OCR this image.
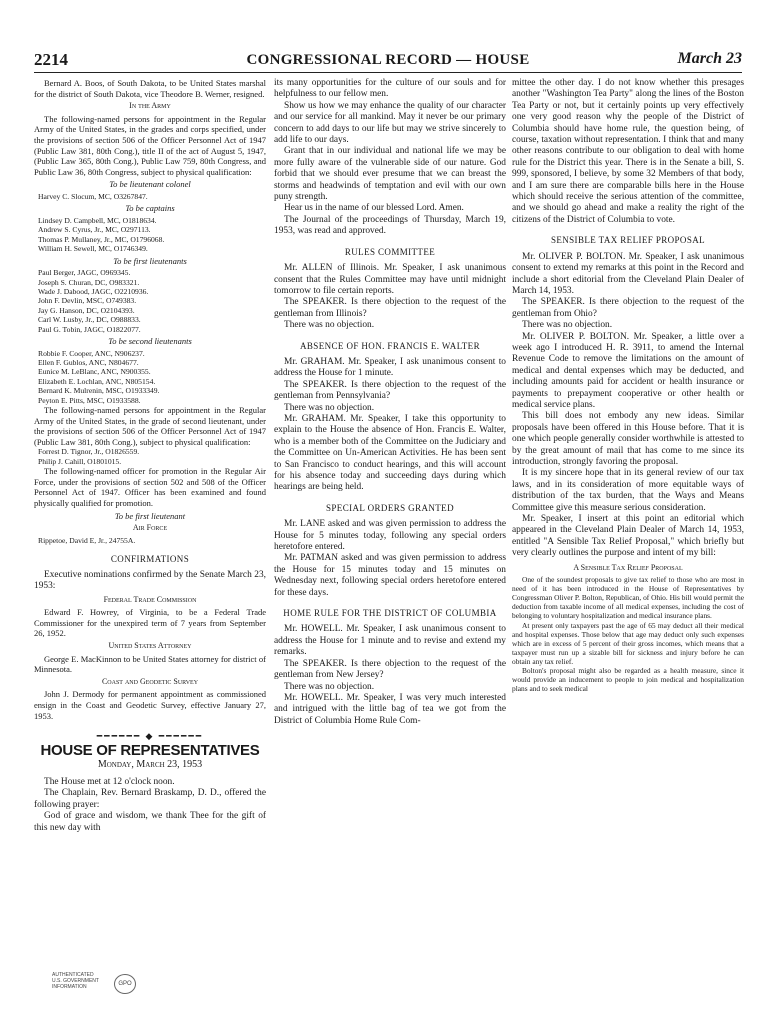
2214	CONGRESSIONAL RECORD — HOUSE	March 23

Bernard A. Boos, of South Dakota, to be United States marshal for the district of South Dakota, vice Theodore B. Werner, resigned.

In the Army

The following-named persons for appointment in the Regular Army of the United States, in the grades and corps specified, under the provisions of section 506 of the Officer Personnel Act of 1947 (Public Law 381, 80th Cong.), title II of the act of August 5, 1947, (Public Law 365, 80th Cong.), Public Law 759, 80th Congress, and Public Law 36, 80th Congress, subject to physical qualification:

To be lieutenant colonel
Harvey C. Slocum, MC, O3267847.
To be captains
Lindsey D. Campbell, MC, O1818634.
Andrew S. Cyrus, Jr., MC, O297113.
Thomas P. Mullaney, Jr., MC, O1796068.
William H. Sewell, MC, O1746349.
To be first lieutenants
Paul Berger, JAGC, O969345.
Joseph S. Churan, DC, O983321.
Wade J. Dabood, JAGC, O2210936.
John F. Devlin, MSC, O749383.
Jay G. Hanson, DC, O2104393.
Carl W. Lusby, Jr., DC, O988833.
Paul G. Tobin, JAGC, O1822077.
To be second lieutenants
Robbie F. Cooper, ANC, N906237.
Ellen F. Gublos, ANC, N804677.
Eunice M. LeBlanc, ANC, N900355.
Elizabeth E. Lochlan, ANC, N805154.
Bernard K. Mulrenin, MSC, O1933349.
Peyton E. Pitts, MSC, O1933588.

The following-named persons for appointment in the Regular Army of the United States, in the grade of second lieutenant, under the provisions of section 506 of the Officer Personnel Act of 1947 (Public Law 381, 80th Cong.), subject to physical qualification:

Forrest D. Tignor, Jr., O1826559.
Philip J. Cahill, O1801015.

The following-named officer for promotion in the Regular Air Force, under the provisions of section 502 and 508 of the Officer Personnel Act of 1947. Officer has been examined and found physically qualified for promotion.

To be first lieutenant
Air Force
Rippetoe, David E, Jr., 24755A.
CONFIRMATIONS

Executive nominations confirmed by the Senate March 23, 1953:

Federal Trade Commission

Edward F. Howrey, of Virginia, to be a Federal Trade Commissioner for the unexpired term of 7 years from September 26, 1952.

United States Attorney

George E. MacKinnon to be United States attorney for district of Minnesota.

Coast and Geodetic Survey

John J. Dermody for permanent appointment as commissioned ensign in the Coast and Geodetic Survey, effective January 27, 1953.

━━━━━━ ◆ ━━━━━━
HOUSE OF REPRESENTATIVES
Monday, March 23, 1953

The House met at 12 o'clock noon.

The Chaplain, Rev. Bernard Braskamp, D. D., offered the following prayer:

God of grace and wisdom, we thank Thee for the gift of this new day with

its many opportunities for the culture of our souls and for helpfulness to our fellow men.

Show us how we may enhance the quality of our character and our service for all mankind. May it never be our primary concern to add days to our life but may we strive sincerely to add life to our days.

Grant that in our individual and national life we may be more fully aware of the vulnerable side of our nature. God forbid that we should ever presume that we can breast the storms and headwinds of temptation and evil with our own puny strength.

Hear us in the name of our blessed Lord. Amen.

The Journal of the proceedings of Thursday, March 19, 1953, was read and approved.

RULES COMMITTEE

Mr. ALLEN of Illinois. Mr. Speaker, I ask unanimous consent that the Rules Committee may have until midnight tomorrow to file certain reports.

The SPEAKER. Is there objection to the request of the gentleman from Illinois?

There was no objection.

ABSENCE OF HON. FRANCIS E. WALTER

Mr. GRAHAM. Mr. Speaker, I ask unanimous consent to address the House for 1 minute.

The SPEAKER. Is there objection to the request of the gentleman from Pennsylvania?

There was no objection.

Mr. GRAHAM. Mr. Speaker, I take this opportunity to explain to the House the absence of Hon. Francis E. Walter, who is a member both of the Committee on the Judiciary and the Committee on Un-American Activities. He has been sent to San Francisco to conduct hearings, and this will account for his absence today and succeeding days during which hearings are being held.

SPECIAL ORDERS GRANTED

Mr. LANE asked and was given permission to address the House for 5 minutes today, following any special orders heretofore entered.

Mr. PATMAN asked and was given permission to address the House for 15 minutes today and 15 minutes on Wednesday next, following special orders heretofore entered for these days.

HOME RULE FOR THE DISTRICT OF COLUMBIA

Mr. HOWELL. Mr. Speaker, I ask unanimous consent to address the House for 1 minute and to revise and extend my remarks.

The SPEAKER. Is there objection to the request of the gentleman from New Jersey?

There was no objection.

Mr. HOWELL. Mr. Speaker, I was very much interested and intrigued with the little bag of tea we got from the District of Columbia Home Rule Com-

mittee the other day. I do not know whether this presages another "Washington Tea Party" along the lines of the Boston Tea Party or not, but it certainly points up very effectively one very good reason why the people of the District of Columbia should have home rule, the question being, of course, taxation without representation. I think that and many other reasons contribute to our obligation to deal with home rule for the District this year. There is in the Senate a bill, S. 999, sponsored, I believe, by some 32 Members of that body, and I am sure there are comparable bills here in the House which should receive the serious attention of the committee, and we should go ahead and make a reality the right of the citizens of the District of Columbia to vote.

SENSIBLE TAX RELIEF PROPOSAL

Mr. OLIVER P. BOLTON. Mr. Speaker, I ask unanimous consent to extend my remarks at this point in the Record and include a short editorial from the Cleveland Plain Dealer of March 14, 1953.

The SPEAKER. Is there objection to the request of the gentleman from Ohio?

There was no objection.

Mr. OLIVER P. BOLTON. Mr. Speaker, a little over a week ago I introduced H. R. 3911, to amend the Internal Revenue Code to remove the limitations on the amount of medical and dental expenses which may be deducted, and including amounts paid for accident or health insurance or payments to prepayment cooperative or other health or medical service plans.

This bill does not embody any new ideas. Similar proposals have been offered in this House before. That it is one which people generally consider worthwhile is attested to by the great amount of mail that has come to me since its introduction, strongly favoring the proposal.

It is my sincere hope that in its general review of our tax laws, and in its consideration of more equitable ways of distribution of the tax burden, that the Ways and Means Committee give this measure serious consideration.

Mr. Speaker, I insert at this point an editorial which appeared in the Cleveland Plain Dealer of March 14, 1953, entitled "A Sensible Tax Relief Proposal," which briefly but very clearly outlines the purpose and intent of my bill:

A Sensible Tax Relief Proposal

One of the soundest proposals to give tax relief to those who are most in need of it has been introduced in the House of Representatives by Congressman Oliver P. Bolton, Republican, of Ohio. His bill would permit the deduction from taxable income of all medical expenses, including the cost of belonging to voluntary hospitalization and medical insurance plans.

At present only taxpayers past the age of 65 may deduct all their medical and hospital expenses. Those below that age may deduct only such expenses which are in excess of 5 percent of their gross incomes, which means that a taxpayer must run up a sizable bill for sickness and injury before he can obtain any tax relief.

Bolton's proposal might also be regarded as a health measure, since it would provide an inducement to people to join medical and hospitalization plans and to seek medical

AUTHENTICATED
U.S. GOVERNMENT
INFORMATION	GPO
